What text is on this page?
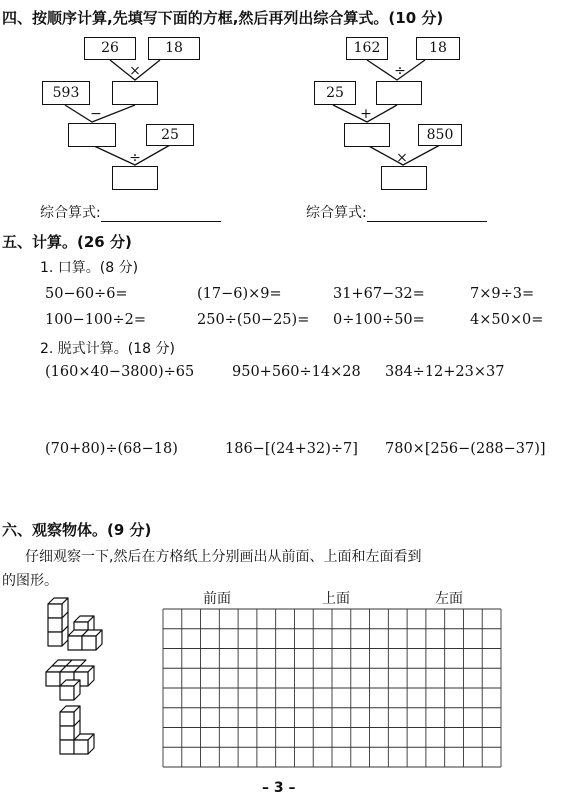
四、按顺序计算,先填写下面的方框,然后再列出综合算式。(10 分)
26	18
×
593
−
25
÷
162	18
÷
25
+
850
×
综合算式:	综合算式:
五、计算。(26 分)
1. 口算。(8 分)
50−60÷6=	(17−6)×9=	31+67−32=	7×9÷3=
100−100÷2=	250÷(50−25)= 0÷100÷50=	4×50×0=
2. 脱式计算。(18 分)
(160×40−3800)÷65	950+560÷14×28 384÷12+23×37
(70+80)÷(68−18)	186−[(24+32)÷7] 780×[256−(288−37)]
六、观察物体。(9 分)
仔细观察一下,然后在方格纸上分别画出从前面、上面和左面看到
的图形。
前面	上面	左面
– 3 –
